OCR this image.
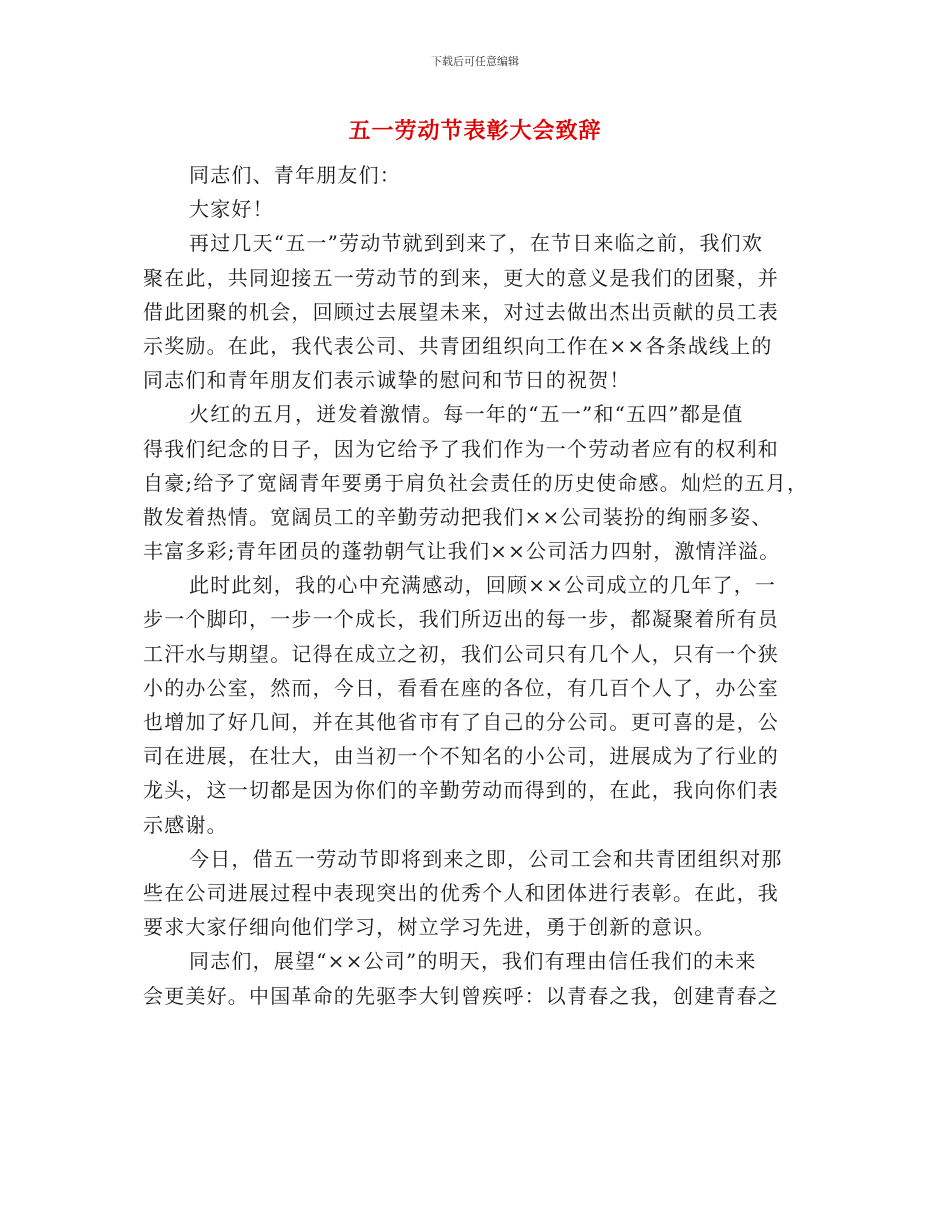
下载后可任意编辑
五一劳动节表彰大会致辞
同志们、青年朋友们：
大家好！
再过几天“五一”劳动节就到到来了，在节日来临之前，我们欢
聚在此，共同迎接五一劳动节的到来，更大的意义是我们的团聚，并
借此团聚的机会，回顾过去展望未来，对过去做出杰出贡献的员工表
示奖励。在此，我代表公司、共青团组织向工作在××各条战线上的
同志们和青年朋友们表示诚挚的慰问和节日的祝贺！
火红的五月，迸发着激情。每一年的“五一”和“五四”都是值
得我们纪念的日子，因为它给予了我们作为一个劳动者应有的权利和
自豪;给予了宽阔青年要勇于肩负社会责任的历史使命感。灿烂的五月，
散发着热情。宽阔员工的辛勤劳动把我们××公司装扮的绚丽多姿、
丰富多彩;青年团员的蓬勃朝气让我们××公司活力四射，激情洋溢。
此时此刻，我的心中充满感动，回顾××公司成立的几年了，一
步一个脚印，一步一个成长，我们所迈出的每一步，都凝聚着所有员
工汗水与期望。记得在成立之初，我们公司只有几个人，只有一个狭
小的办公室，然而，今日，看看在座的各位，有几百个人了，办公室
也增加了好几间，并在其他省市有了自己的分公司。更可喜的是，公
司在进展，在壮大，由当初一个不知名的小公司，进展成为了行业的
龙头，这一切都是因为你们的辛勤劳动而得到的，在此，我向你们表
示感谢。
今日，借五一劳动节即将到来之即，公司工会和共青团组织对那
些在公司进展过程中表现突出的优秀个人和团体进行表彰。在此，我
要求大家仔细向他们学习，树立学习先进，勇于创新的意识。
同志们，展望“××公司”的明天，我们有理由信任我们的未来
会更美好。中国革命的先驱李大钊曾疾呼：以青春之我，创建青春之
